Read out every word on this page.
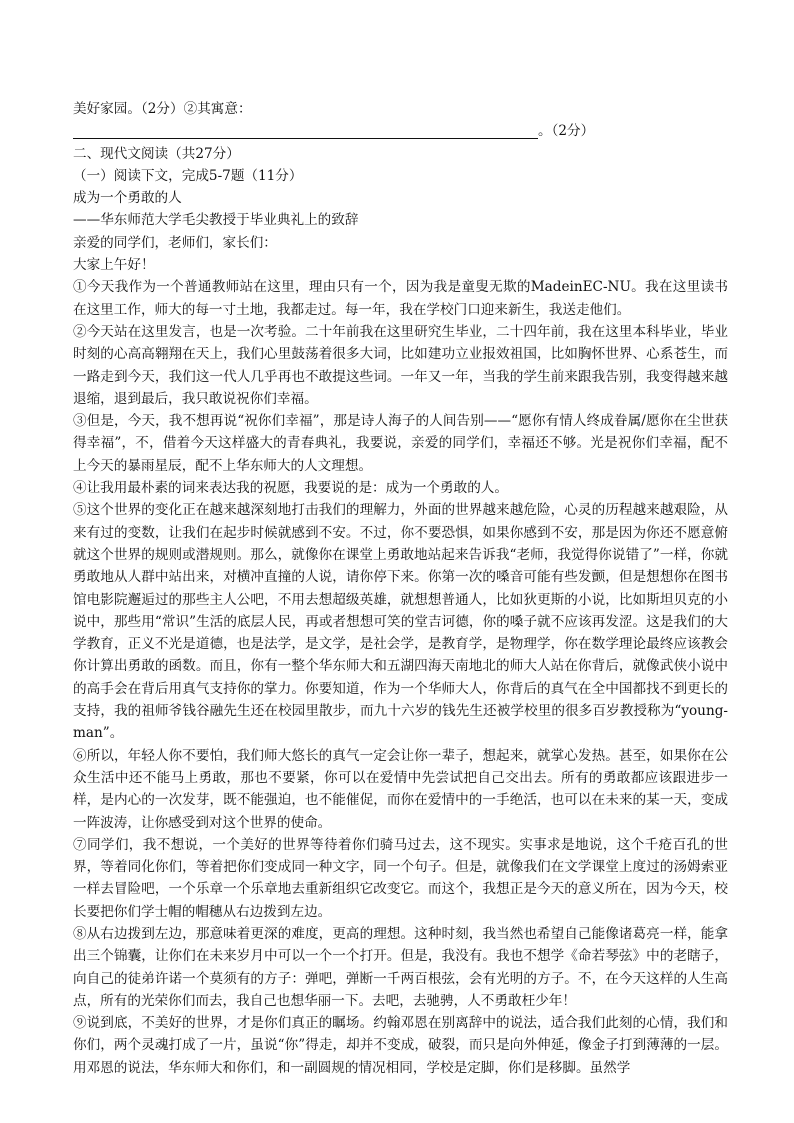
美好家园。（2分）②其寓意：
。（2分）
二、现代文阅读（共27分）
（一）阅读下文，完成5-7题（11分）
成为一个勇敢的人
——华东师范大学毛尖教授于毕业典礼上的致辞
亲爱的同学们，老师们，家长们：
大家上午好！
①今天我作为一个普通教师站在这里，理由只有一个，因为我是童叟无欺的MadeinEC-NU。我在这里读书在这里工作，师大的每一寸土地，我都走过。每一年，我在学校门口迎来新生，我送走他们。
②今天站在这里发言，也是一次考验。二十年前我在这里研究生毕业，二十四年前，我在这里本科毕业，毕业时刻的心高高翱翔在天上，我们心里鼓荡着很多大词，比如建功立业报效祖国，比如胸怀世界、心系苍生，而一路走到今天，我们这一代人几乎再也不敢提这些词。一年又一年，当我的学生前来跟我告别，我变得越来越退缩，退到最后，我只敢说祝你们幸福。
③但是，今天，我不想再说“祝你们幸福”，那是诗人海子的人间告别——“愿你有情人终成眷属/愿你在尘世获得幸福”，不，借着今天这样盛大的青春典礼，我要说，亲爱的同学们，幸福还不够。光是祝你们幸福，配不上今天的暴雨星辰，配不上华东师大的人文理想。
④让我用最朴素的词来表达我的祝愿，我要说的是：成为一个勇敢的人。
⑤这个世界的变化正在越来越深刻地打击我们的理解力，外面的世界越来越危险，心灵的历程越来越艰险，从来有过的变数，让我们在起步时候就感到不安。不过，你不要恐惧，如果你感到不安，那是因为你还不愿意俯就这个世界的规则或潜规则。那么，就像你在课堂上勇敢地站起来告诉我“老师，我觉得你说错了”一样，你就勇敢地从人群中站出来，对横冲直撞的人说，请你停下来。你第一次的嗓音可能有些发颤，但是想想你在图书馆电影院邂逅过的那些主人公吧，不用去想超级英雄，就想想普通人，比如狄更斯的小说，比如斯坦贝克的小说中，那些用“常识”生活的底层人民，再或者想想可笑的堂吉诃德，你的嗓子就不应该再发涩。这是我们的大学教育，正义不光是道德，也是法学，是文学，是社会学，是教育学，是物理学，你在数学理论最终应该教会你计算出勇敢的函数。而且，你有一整个华东师大和五湖四海天南地北的师大人站在你背后，就像武侠小说中的高手会在背后用真气支持你的掌力。你要知道，作为一个华师大人，你背后的真气在全中国都找不到更长的支持，我的祖师爷钱谷融先生还在校园里散步，而九十六岁的钱先生还被学校里的很多百岁教授称为“young-man”。
⑥所以，年轻人你不要怕，我们师大悠长的真气一定会让你一辈子，想起来，就掌心发热。甚至，如果你在公众生活中还不能马上勇敢，那也不要紧，你可以在爱情中先尝试把自己交出去。所有的勇敢都应该跟进步一样，是内心的一次发芽，既不能强迫，也不能催促，而你在爱情中的一手绝活，也可以在未来的某一天，变成一阵波涛，让你感受到对这个世界的使命。
⑦同学们，我不想说，一个美好的世界等待着你们骑马过去，这不现实。实事求是地说，这个千疮百孔的世界，等着同化你们，等着把你们变成同一种文字，同一个句子。但是，就像我们在文学课堂上度过的汤姆索亚一样去冒险吧，一个乐章一个乐章地去重新组织它改变它。而这个，我想正是今天的意义所在，因为今天，校长要把你们学士帽的帽穗从右边拨到左边。
⑧从右边拨到左边，那意味着更深的难度，更高的理想。这种时刻，我当然也希望自己能像诸葛亮一样，能拿出三个锦囊，让你们在未来岁月中可以一个一个打开。但是，我没有。我也不想学《命若琴弦》中的老瞎子，向自己的徒弟许诺一个莫须有的方子：弹吧，弹断一千两百根弦，会有光明的方子。不，在今天这样的人生高点，所有的光荣你们而去，我自己也想华丽一下。去吧，去驰骋，人不勇敢枉少年！
⑨说到底，不美好的世界，才是你们真正的瞩场。约翰邓恩在别离辞中的说法，适合我们此刻的心情，我们和你们，两个灵魂打成了一片，虽说“你”得走，却并不变成，破裂，而只是向外伸延，像金子打到薄薄的一层。用邓恩的说法，华东师大和你们，和一副圆规的情况相同，学校是定脚，你们是移脚。虽然学
